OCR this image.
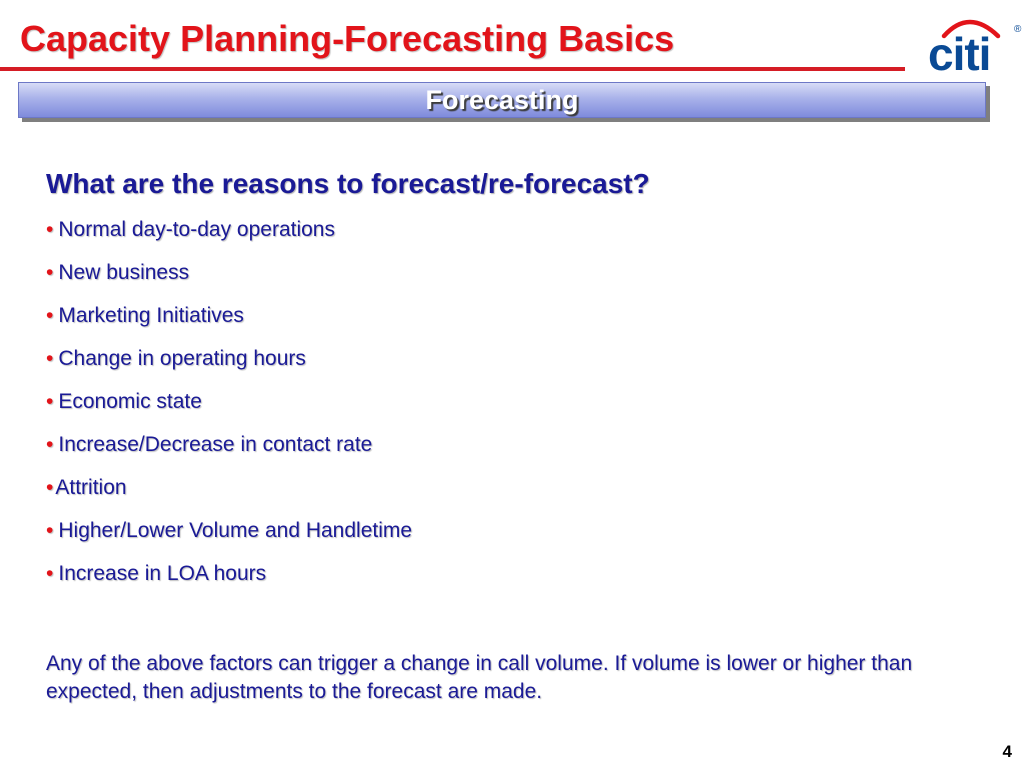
Capacity Planning-Forecasting Basics	citi ®
Forecasting
What are the reasons to forecast/re-forecast?
• Normal day-to-day operations
• New business
• Marketing Initiatives
• Change in operating hours
• Economic state
• Increase/Decrease in contact rate
•Attrition
• Higher/Lower Volume and Handletime
• Increase in LOA hours
Any of the above factors can trigger a change in call volume. If volume is lower or higher than expected, then adjustments to the forecast are made.
4
